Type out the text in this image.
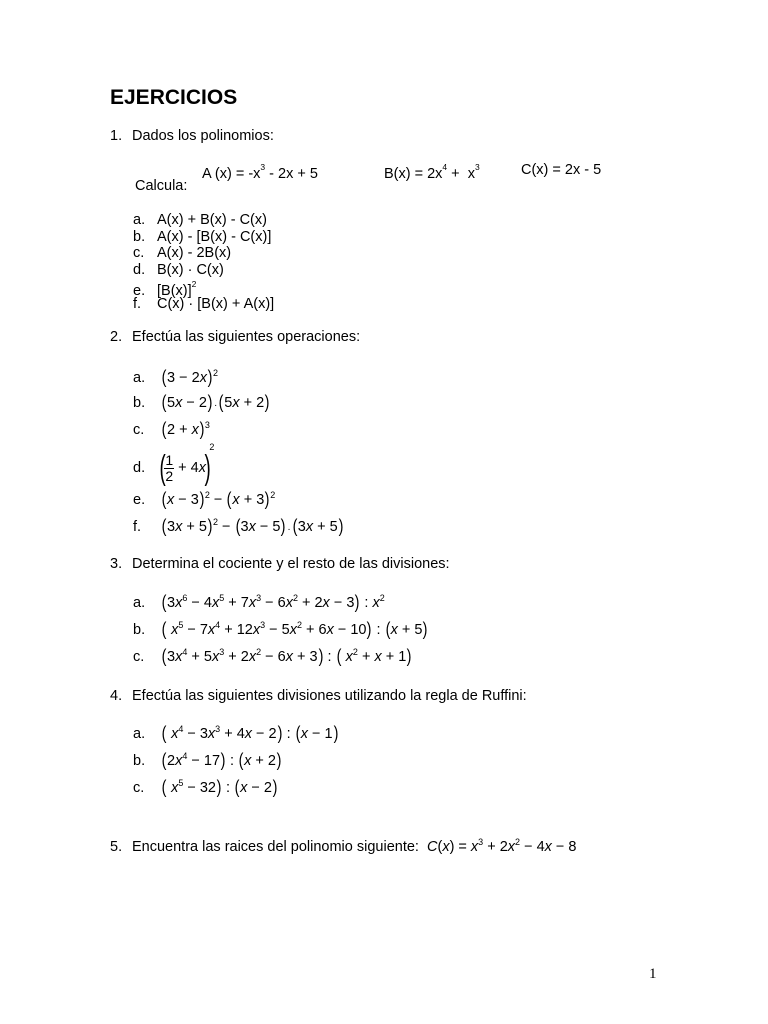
EJERCICIOS
1. Dados los polinomios:
A $(x) = -x^3 - 2x + 5$	$B(x) = 2x^4 + x^3$	C(x) = 2x - 5
Calcula:
a. A(x) + B(x) - C(x)
b. A(x) - [B(x) - C(x)]
c. A(x) - 2B(x)
d. B(x) · C(x)
e. $[B(x)]^2$
f. C(x) · [B(x) + A(x)]
2. Efectúa las siguientes operaciones:
a. $(3 - 2x)^2$
b. (5x − 2) ·(5x + 2)
c. $(2 + x)^3$
d. (
$\frac{1}{2} + 4x)^2$
e. $(x - 3)^2 - (x + 3)^2$
f. $(3x + 5)^2 - (3x - 5) \cdot(3x + 5)$
3. Determina el cociente y el resto de las divisiones:
a. $(3x^6 - 4x^5 + 7x^3 - 6x^2 + 2x - 3)$ : $x^2$
b. ( $x^5 - 7x^4 + 12x^3 - 5x^2 + 6x - 10$) : (x + 5)
c. $(3x^4 + 5x^3 + 2x^2 - 6x + 3)$ : ( $x^2 + x + 1$)
4. Efectúa las siguientes divisiones utilizando la regla de Ruffini:
a. ( $x^4 - 3x^3 + 4x - 2$) : (x − 1)
b. $(2x^4 - 17)$ : (x + 2)
c. ( $x^5 - 32$) : (x − 2)
5. Encuentra las raices del polinomio siguiente: $C(x) = x^3 + 2x^2 - 4x - 8$
1
